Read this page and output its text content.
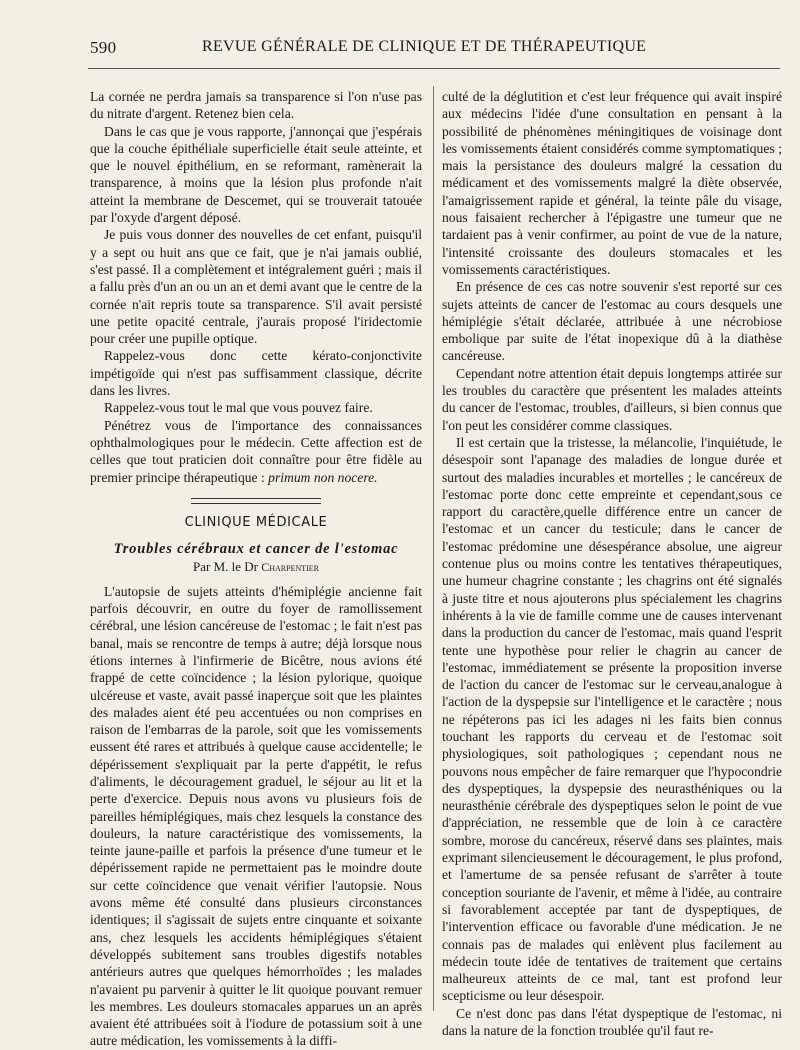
590	REVUE GÉNÉRALE DE CLINIQUE ET DE THÉRAPEUTIQUE

La cornée ne perdra jamais sa transparence si l'on n'use pas du nitrate d'argent. Retenez bien cela.

Dans le cas que je vous rapporte, j'annonçai que j'espérais que la couche épithéliale superficielle était seule atteinte, et que le nouvel épithélium, en se reformant, ramènerait la transparence, à moins que la lésion plus profonde n'ait atteint la membrane de Descemet, qui se trouverait tatouée par l'oxyde d'argent déposé.

Je puis vous donner des nouvelles de cet enfant, puisqu'il y a sept ou huit ans que ce fait, que je n'ai jamais oublié, s'est passé. Il a complètement et intégralement guéri ; mais il a fallu près d'un an ou un an et demi avant que le centre de la cornée n'ait repris toute sa transparence. S'il avait persisté une petite opacité centrale, j'aurais proposé l'iridectomie pour créer une pupille optique.

Rappelez-vous donc cette kérato-conjonctivite impétigoïde qui n'est pas suffisamment classique, décrite dans les livres.

Rappelez-vous tout le mal que vous pouvez faire.

Pénétrez vous de l'importance des connaissances ophthalmologiques pour le médecin. Cette affection est de celles que tout praticien doit connaître pour être fidèle au premier principe thérapeutique : primum non nocere.

CLINIQUE MÉDICALE
Troubles cérébraux et cancer de l'estomac
Par M. le Dr Charpentier

L'autopsie de sujets atteints d'hémiplégie ancienne fait parfois découvrir, en outre du foyer de ramollissement cérébral, une lésion cancéreuse de l'estomac ; le fait n'est pas banal, mais se rencontre de temps à autre; déjà lorsque nous étions internes à l'infirmerie de Bicêtre, nous avions été frappé de cette coïncidence ; la lésion pylorique, quoique ulcéreuse et vaste, avait passé inaperçue soit que les plaintes des malades aient été peu accentuées ou non comprises en raison de l'embarras de la parole, soit que les vomissements eussent été rares et attribués à quelque cause accidentelle; le dépérissement s'expliquait par la perte d'appétit, le refus d'aliments, le découragement graduel, le séjour au lit et la perte d'exercice. Depuis nous avons vu plusieurs fois de pareilles hémiplégiques, mais chez lesquels la constance des douleurs, la nature caractéristique des vomissements, la teinte jaune-paille et parfois la présence d'une tumeur et le dépérissement rapide ne permettaient pas le moindre doute sur cette coïncidence que venait vérifier l'autopsie. Nous avons même été consulté dans plusieurs circonstances identiques; il s'agissait de sujets entre cinquante et soixante ans, chez lesquels les accidents hémiplégiques s'étaient développés subitement sans troubles digestifs notables antérieurs autres que quelques hémorrhoïdes ; les malades n'avaient pu parvenir à quitter le lit quoique pouvant remuer les membres. Les douleurs stomacales apparues un an après avaient été attribuées soit à l'iodure de potassium soit à une autre médication, les vomissements à la diffi-

culté de la déglutition et c'est leur fréquence qui avait inspiré aux médecins l'idée d'une consultation en pensant à la possibilité de phénomènes méningitiques de voisinage dont les vomissements étaient considérés comme symptomatiques ; mais la persistance des douleurs malgré la cessation du médicament et des vomissements malgré la diète observée, l'amaigrissement rapide et général, la teinte pâle du visage, nous faisaient rechercher à l'épigastre une tumeur que ne tardaient pas à venir confirmer, au point de vue de la nature, l'intensité croissante des douleurs stomacales et les vomissements caractéristiques.

En présence de ces cas notre souvenir s'est reporté sur ces sujets atteints de cancer de l'estomac au cours desquels une hémiplégie s'était déclarée, attribuée à une nécrobiose embolique par suite de l'état inopexique dû à la diathèse cancéreuse.

Cependant notre attention était depuis longtemps attirée sur les troubles du caractère que présentent les malades atteints du cancer de l'estomac, troubles, d'ailleurs, si bien connus que l'on peut les considérer comme classiques.

Il est certain que la tristesse, la mélancolie, l'inquiétude, le désespoir sont l'apanage des maladies de longue durée et surtout des maladies incurables et mortelles ; le cancéreux de l'estomac porte donc cette empreinte et cependant,sous ce rapport du caractère,quelle différence entre un cancer de l'estomac et un cancer du testicule; dans le cancer de l'estomac prédomine une désespérance absolue, une aigreur contenue plus ou moins contre les tentatives thérapeutiques, une humeur chagrine constante ; les chagrins ont été signalés à juste titre et nous ajouterons plus spécialement les chagrins inhérents à la vie de famille comme une de causes intervenant dans la production du cancer de l'estomac, mais quand l'esprit tente une hypothèse pour relier le chagrin au cancer de l'estomac, immédiatement se présente la proposition inverse de l'action du cancer de l'estomac sur le cerveau,analogue à l'action de la dyspepsie sur l'intelligence et le caractère ; nous ne répéterons pas ici les adages ni les faits bien connus touchant les rapports du cerveau et de l'estomac soit physiologiques, soit pathologiques ; cependant nous ne pouvons nous empêcher de faire remarquer que l'hypocondrie des dyspeptiques, la dyspepsie des neurasthéniques ou la neurasthénie cérébrale des dyspeptiques selon le point de vue d'appréciation, ne ressemble que de loin à ce caractère sombre, morose du cancéreux, réservé dans ses plaintes, mais exprimant silencieusement le découragement, le plus profond, et l'amertume de sa pensée refusant de s'arrêter à toute conception souriante de l'avenir, et même à l'idée, au contraire si favorablement acceptée par tant de dyspeptiques, de l'intervention efficace ou favorable d'une médication. Je ne connais pas de malades qui enlèvent plus facilement au médecin toute idée de tentatives de traitement que certains malheureux atteints de ce mal, tant est profond leur scepticisme ou leur désespoir.

Ce n'est donc pas dans l'état dyspeptique de l'estomac, ni dans la nature de la fonction troublée qu'il faut re-
